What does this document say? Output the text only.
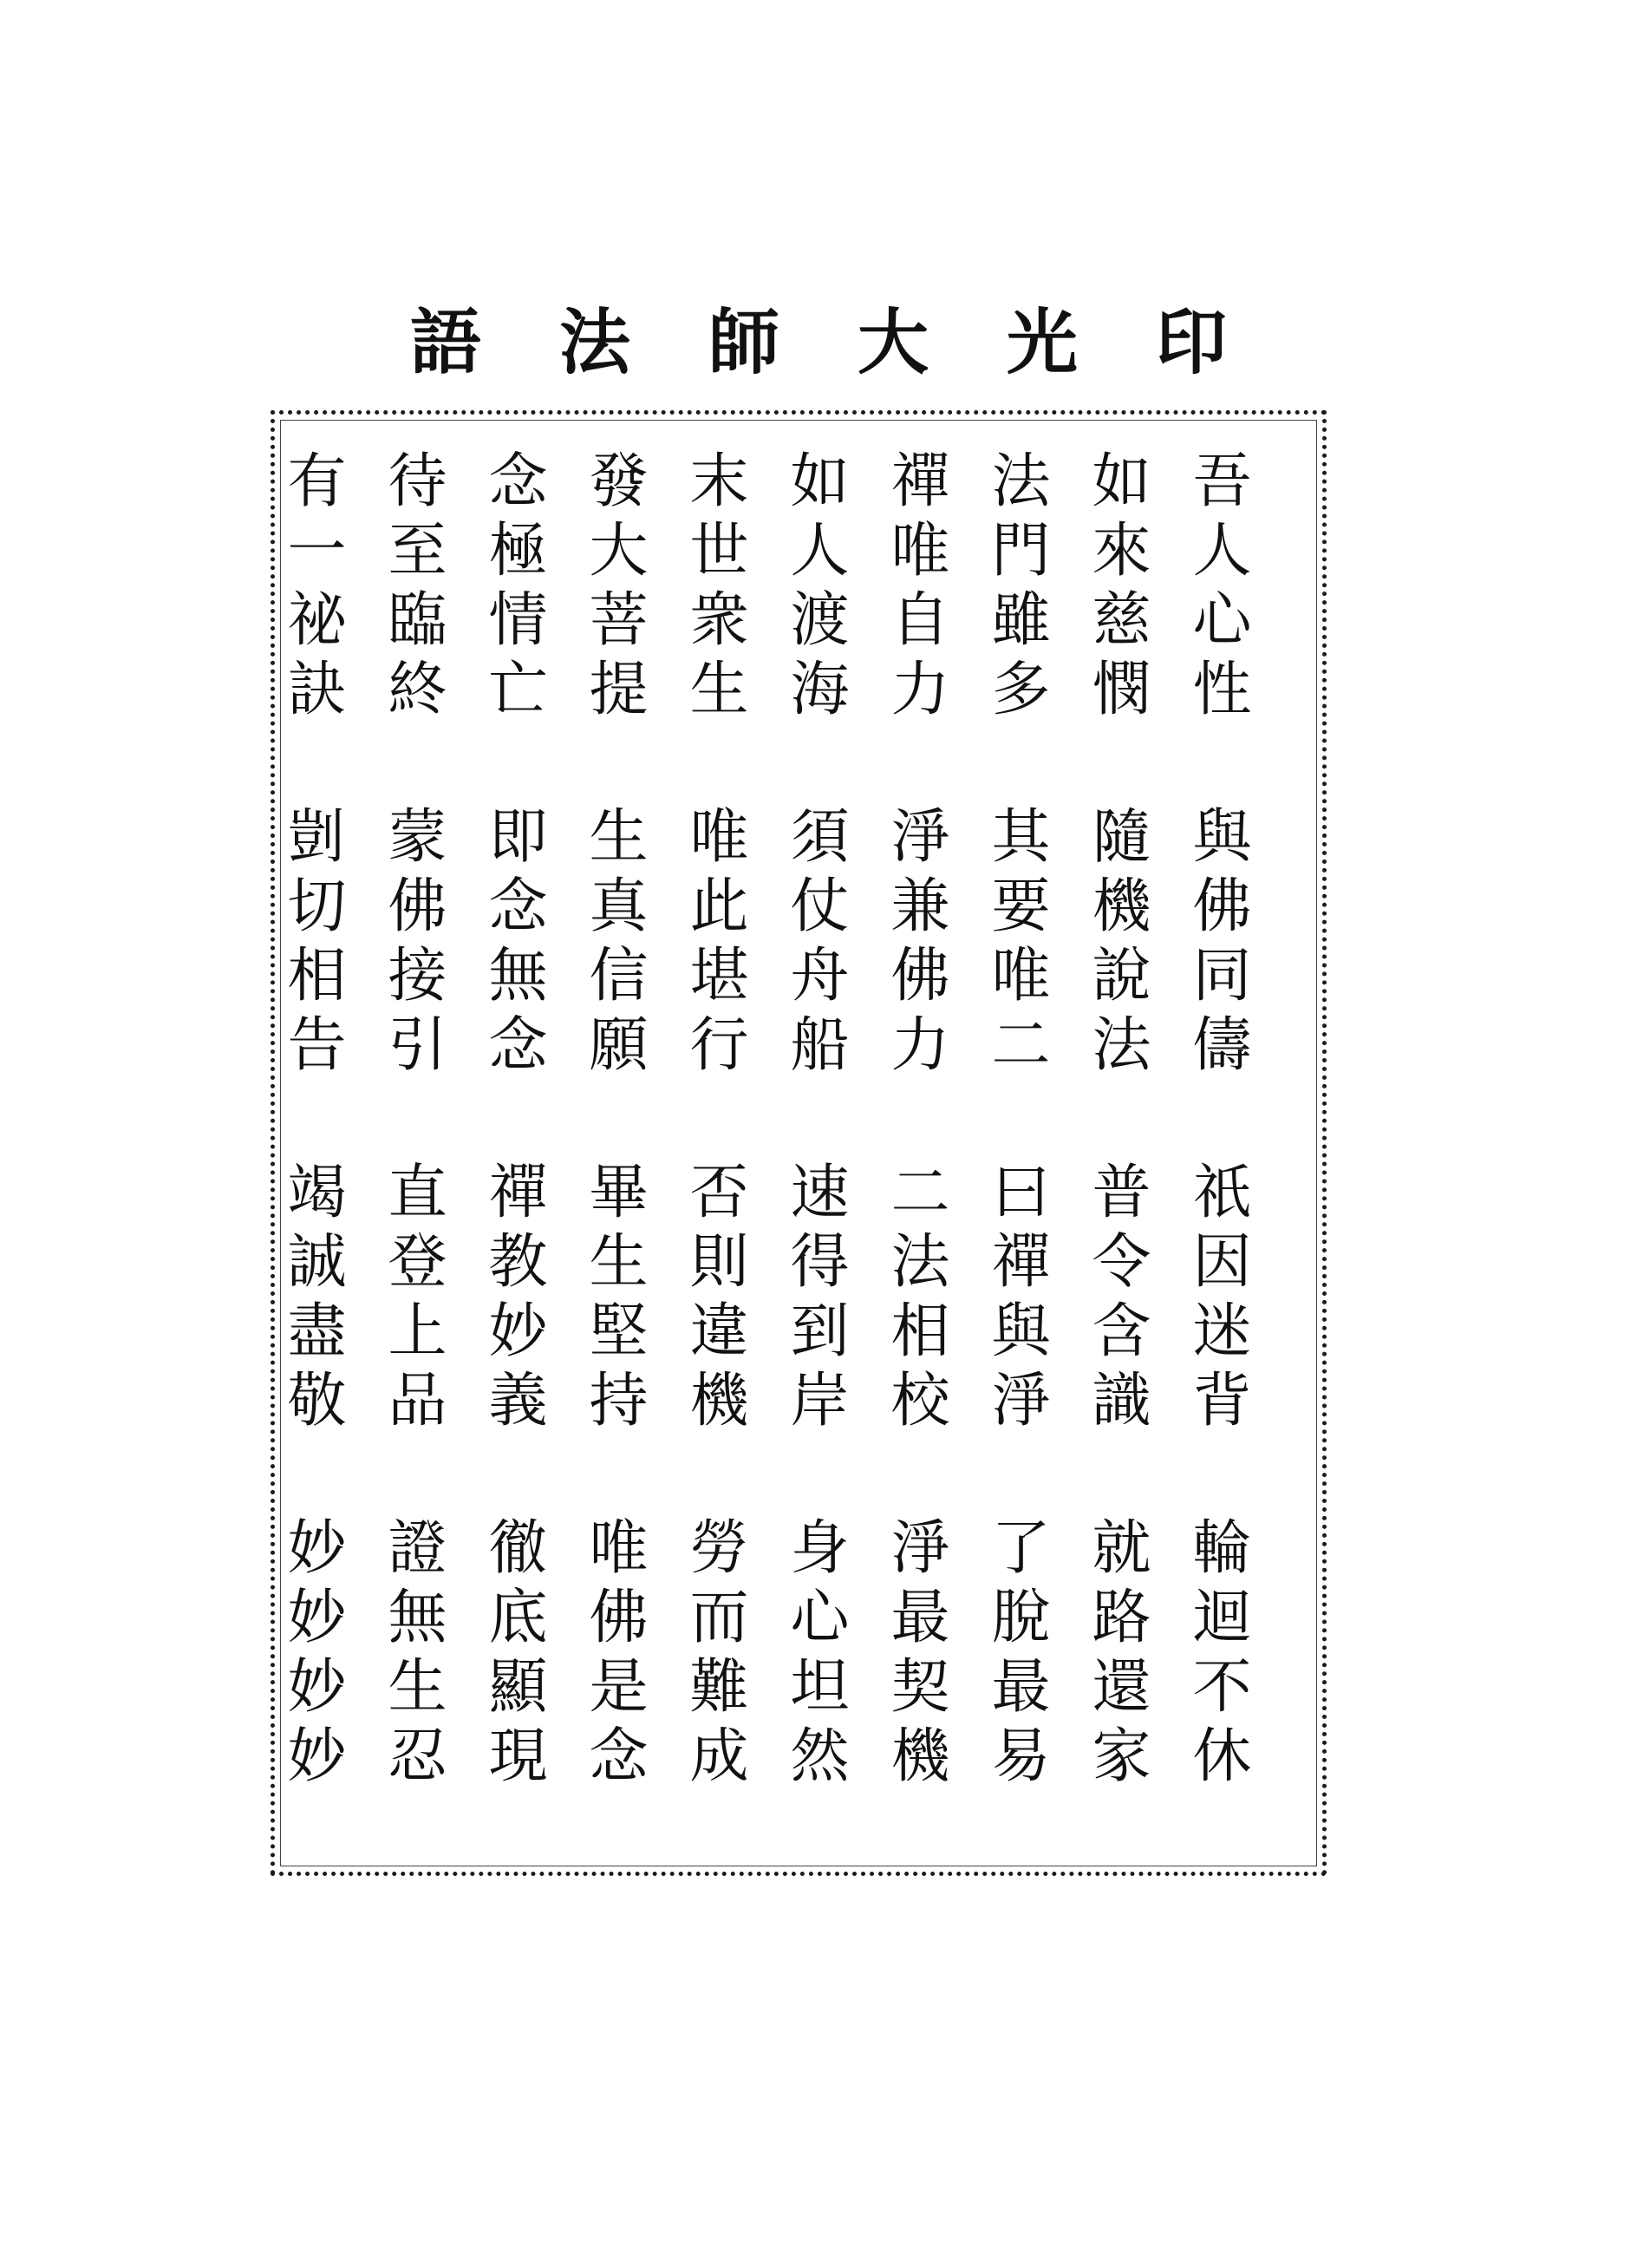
印
光
大
師
法
語
吾人心性
與佛同儔
祇因迷背
輪迴不休
如來慈憫
隨機說法
普令含識
就路還家
法門雖多
其要唯二
曰禪與淨
了脫最易
禪唯自力
淨兼佛力
二法相校
淨最契機
如人渡海
須仗舟船
速得到岸
身心坦然
末世衆生
唯此堪行
否則違機
勞而難成
發大菩提
生真信願
畢生堅持
唯佛是念
念極情亡
即念無念
禪教妙義
徹底顯現
待至臨終
蒙佛接引
直登上品
證無生忍
有一祕訣
剴切相告
竭誠盡敬
妙妙妙妙
